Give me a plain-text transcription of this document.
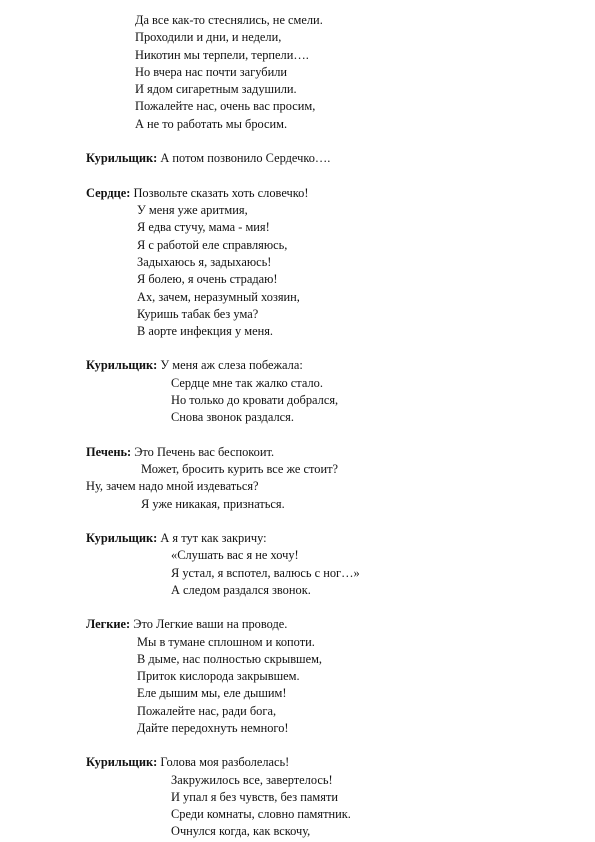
Да все как-то стеснялись, не смели.
Проходили и дни, и недели,
Никотин мы терпели, терпели….
Но вчера нас почти загубили
И ядом сигаретным задушили.
Пожалейте нас, очень вас просим,
А не то работать мы бросим.
Курильщик: А потом позвонило Сердечко….
Сердце: Позвольте сказать хоть словечко!
У меня уже аритмия,
Я едва стучу, мама - мия!
Я с работой еле справляюсь,
Задыхаюсь я, задыхаюсь!
Я болею, я очень страдаю!
Ах, зачем, неразумный хозяин,
Куришь табак без ума?
В аорте инфекция у меня.
Курильщик: У меня аж слеза побежала:
Сердце мне так жалко стало.
Но только до кровати добрался,
Снова звонок раздался.
Печень: Это Печень вас беспокоит.
Может, бросить курить все же стоит?
Ну, зачем надо мной издеваться?
Я уже никакая, признаться.
Курильщик: А я тут как закричу:
«Слушать вас я не хочу!
Я устал, я вспотел, валюсь с ног…»
А следом раздался звонок.
Легкие: Это Легкие ваши на проводе.
Мы в тумане сплошном и копоти.
В дыме, нас полностью скрывшем,
Приток кислорода закрывшем.
Еле дышим мы, еле дышим!
Пожалейте нас, ради бога,
Дайте передохнуть немного!
Курильщик: Голова моя разболелась!
Закружилось все, завертелось!
И упал я без чувств, без памяти
Среди комнаты, словно памятник.
Очнулся когда, как вскочу,
